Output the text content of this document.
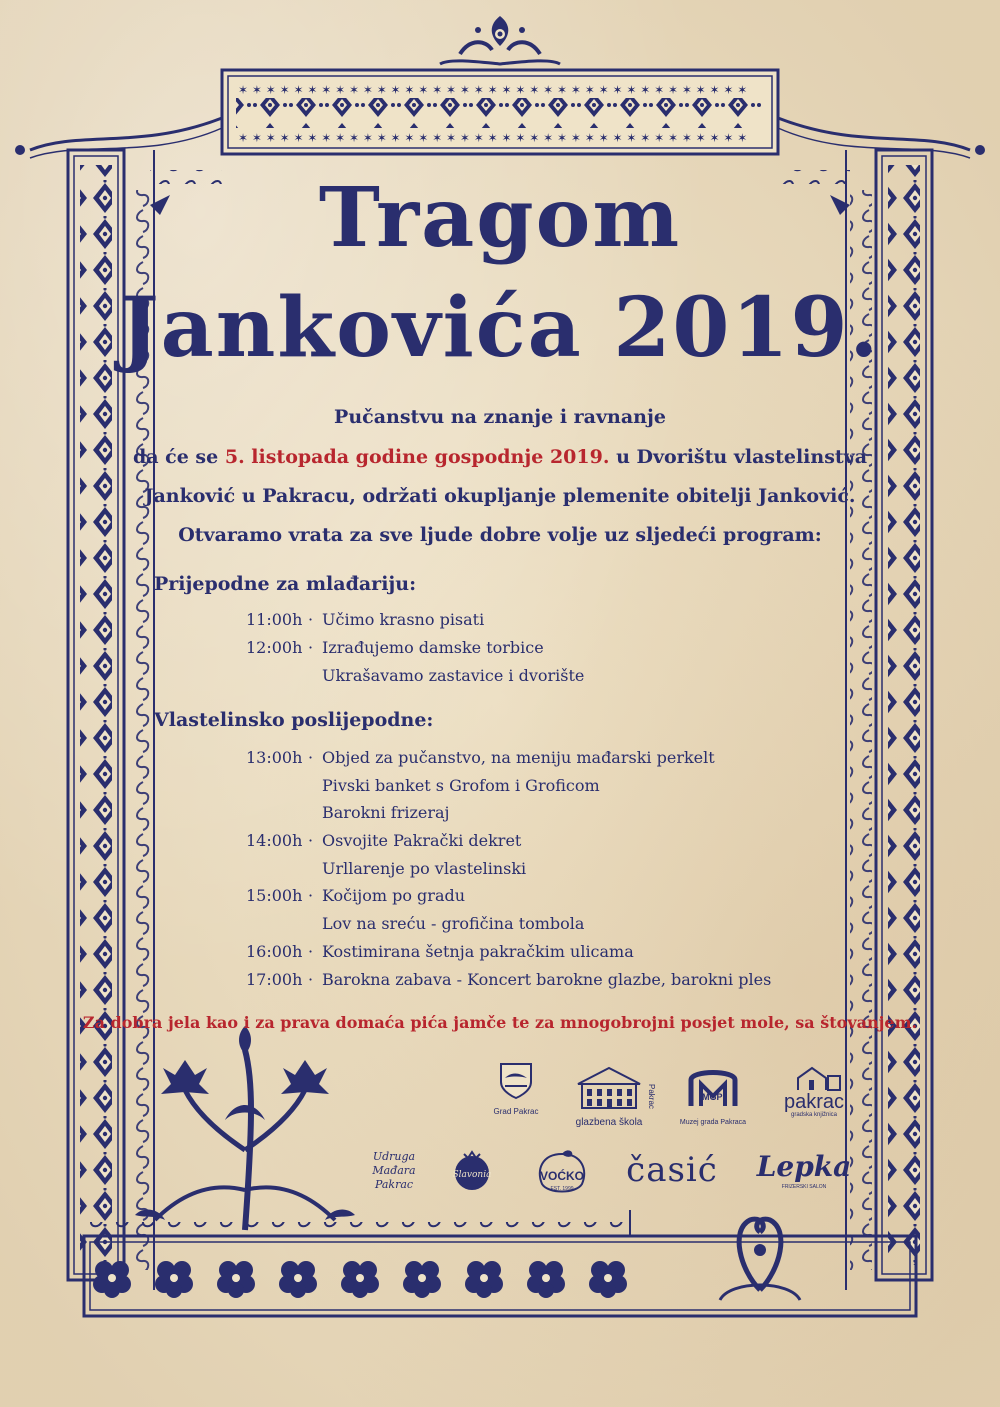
✶ ✶ ✶ ✶ ✶ ✶ ✶ ✶ ✶ ✶ ✶ ✶ ✶ ✶ ✶ ✶ ✶ ✶ ✶ ✶ ✶ ✶ ✶ ✶ ✶ ✶ ✶ ✶ ✶ ✶ ✶ ✶ ✶ ✶ ✶ ✶ ✶
✶ ✶ ✶ ✶ ✶ ✶ ✶ ✶ ✶ ✶ ✶ ✶ ✶ ✶ ✶ ✶ ✶ ✶ ✶ ✶ ✶ ✶ ✶ ✶ ✶ ✶ ✶ ✶ ✶ ✶ ✶ ✶ ✶ ✶ ✶ ✶ ✶
Tragom
Jankovića 2019.
Pučanstvu na znanje i ravnanje
da će se 5. listopada godine gospodnje 2019. u Dvorištu vlastelinstva
Janković u Pakracu, održati okupljanje plemenite obitelji Janković.
Otvaramo vrata za sve ljude dobre volje uz sljedeći program:
Prijepodne za mlađariju:
11:00h · Učimo krasno pisati
12:00h · Izrađujemo damske torbice
Ukrašavamo zastavice i dvorište
Vlastelinsko poslijepodne:
13:00h · Objed za pučanstvo, na meniju mađarski perkelt
Pivski banket s Grofom i Groficom
Barokni frizeraj
14:00h · Osvojite Pakrački dekret
Urllarenje po vlastelinski
15:00h · Kočijom po gradu
Lov na sreću - grofičina tombola
16:00h · Kostimirana šetnja pakračkim ulicama
17:00h · Barokna zabava - Koncert barokne glazbe, barokni ples
Za dobra jela kao i za prava domaća pića jamče te za mnogobrojni posjet mole, sa štovanjem.
Grad Pakrac
glazbena škola
Pakrac
Muzej grada Pakraca
MGP	pakrac
gradska knjižnica
Udruga Mađara Pakrac
Slavonia	VOĆKO
EST. 1999 časić Lepka
FRIZERSKI SALON
